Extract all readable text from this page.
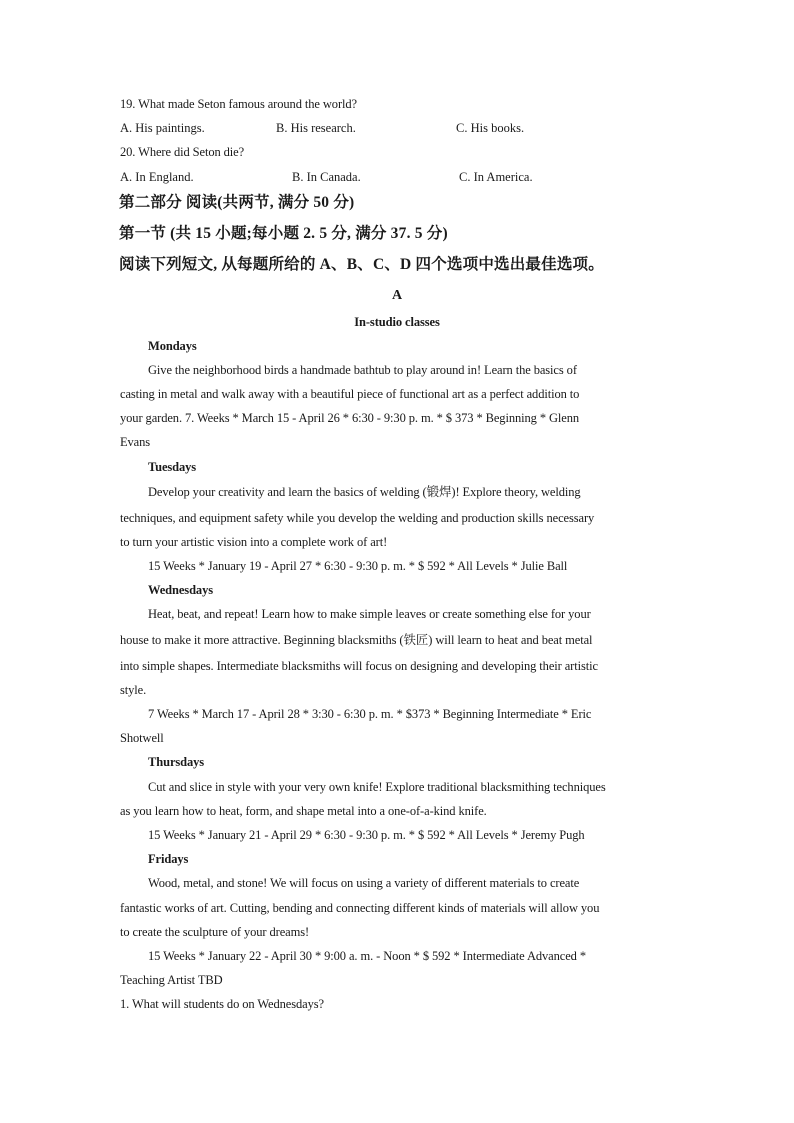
19. What made Seton famous around the world?
A. His paintings.	B. His research.	C. His books.
20. Where did Seton die?
A. In England.	B. In Canada.	C. In America.
第二部分 阅读(共两节, 满分 50 分)
第一节 (共 15 小题;每小题 2. 5 分, 满分 37. 5 分)
阅读下列短文, 从每题所给的 A、B、C、D 四个选项中选出最佳选项。
A
In-studio classes
Mondays
Give the neighborhood birds a handmade bathtub to play around in! Learn the basics of
casting in metal and walk away with a beautiful piece of functional art as a perfect addition to
your garden. 7. Weeks * March 15 - April 26 * 6:30 - 9:30 p. m. * $ 373 * Beginning * Glenn
Evans
Tuesdays
Develop your creativity and learn the basics of welding (锻焊)! Explore theory, welding
techniques, and equipment safety while you develop the welding and production skills necessary
to turn your artistic vision into a complete work of art!
15 Weeks * January 19 - April 27 * 6:30 - 9:30 p. m. * $ 592 * All Levels * Julie Ball
Wednesdays
Heat, beat, and repeat! Learn how to make simple leaves or create something else for your
house to make it more attractive. Beginning blacksmiths (铁匠) will learn to heat and beat metal
into simple shapes. Intermediate blacksmiths will focus on designing and developing their artistic
style.
7 Weeks * March 17 - April 28 * 3:30 - 6:30 p. m. * $373 * Beginning Intermediate * Eric
Shotwell
Thursdays
Cut and slice in style with your very own knife! Explore traditional blacksmithing techniques
as you learn how to heat, form, and shape metal into a one-of-a-kind knife.
15 Weeks * January 21 - April 29 * 6:30 - 9:30 p. m. * $ 592 * All Levels * Jeremy Pugh
Fridays
Wood, metal, and stone! We will focus on using a variety of different materials to create
fantastic works of art. Cutting, bending and connecting different kinds of materials will allow you
to create the sculpture of your dreams!
15 Weeks * January 22 - April 30 * 9:00 a. m. - Noon * $ 592 * Intermediate Advanced *
Teaching Artist TBD
1. What will students do on Wednesdays?
